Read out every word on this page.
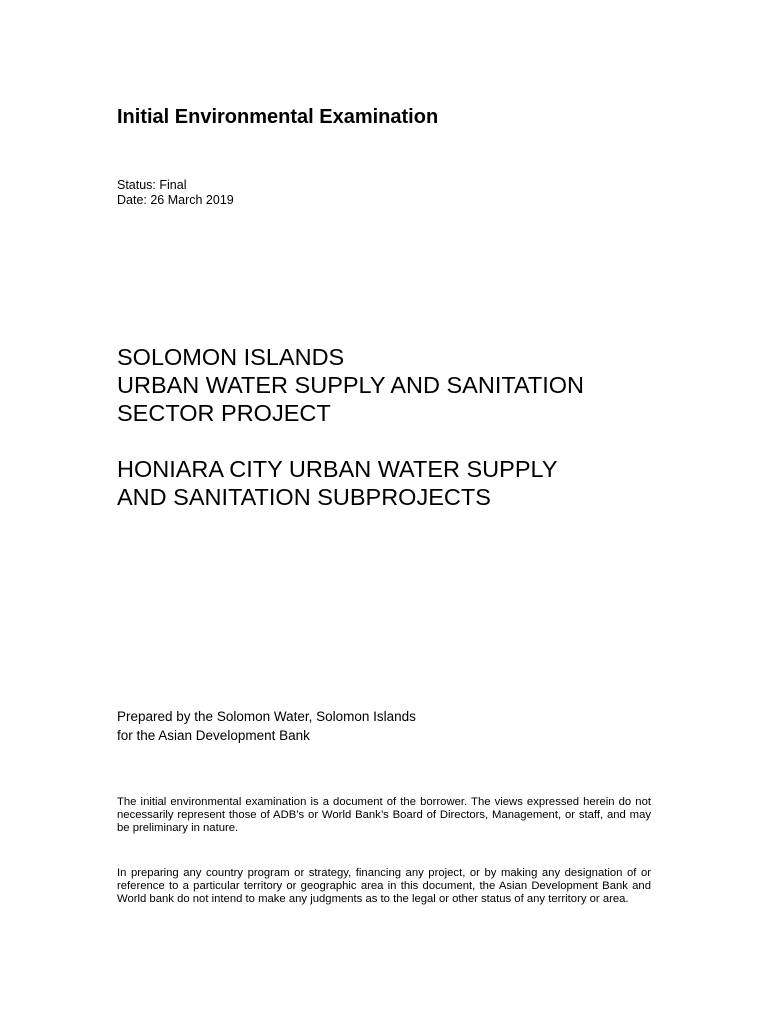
Initial Environmental Examination
Status: Final
Date: 26 March 2019
SOLOMON ISLANDS
URBAN WATER SUPPLY AND SANITATION
SECTOR PROJECT
HONIARA CITY URBAN WATER SUPPLY
AND SANITATION SUBPROJECTS
Prepared by the Solomon Water, Solomon Islands
for the Asian Development Bank

The initial environmental examination is a document of the borrower. The views expressed herein do not necessarily represent those of ADB’s or World Bank’s Board of Directors, Management, or staff, and may be preliminary in nature.

In preparing any country program or strategy, financing any project, or by making any designation of or reference to a particular territory or geographic area in this document, the Asian Development Bank and World bank do not intend to make any judgments as to the legal or other status of any territory or area.
